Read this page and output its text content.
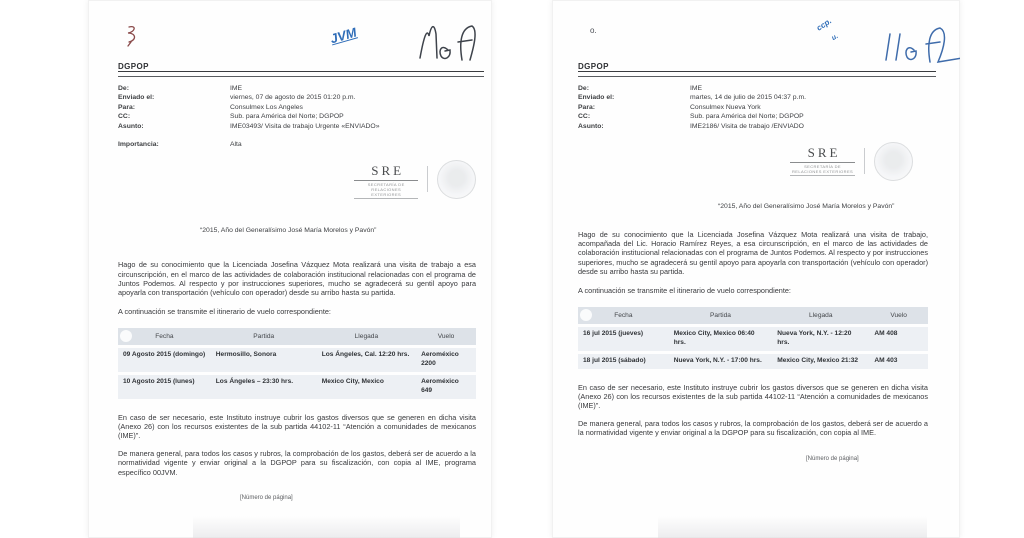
JVM
DGPOP
De:	IME
Enviado el:	viernes, 07 de agosto de 2015 01:20 p.m.
Para:	Consulmex Los Angeles
CC:	Sub. para América del Norte; DGPOP
Asunto:	IME03493/ Visita de trabajo Urgente «ENVIADO»
Importancia:	Alta
SRE
SECRETARÍA DE
RELACIONES EXTERIORES
“2015, Año del Generalísimo José María Morelos y Pavón”

Hago de su conocimiento que la Licenciada Josefina Vázquez Mota realizará una visita de trabajo a esa circunscripción, en el marco de las actividades de colaboración institucional relacionadas con el programa de Juntos Podemos. Al respecto y por instrucciones superiores, mucho se agradecerá su gentil apoyo para apoyarla con transportación (vehículo con operador) desde su arribo hasta su partida.

A continuación se transmite el itinerario de vuelo correspondiente:

Fecha	Partida	Llegada	Vuelo
09 Agosto 2015 (domingo)	Hermosillo, Sonora	Los Ángeles, Cal. 12:20 hrs.	Aeroméxico 2200
10 Agosto 2015 (lunes)	Los Ángeles – 23:30 hrs.	Mexico City, Mexico	Aeroméxico 649

En caso de ser necesario, este Instituto instruye cubrir los gastos diversos que se generen en dicha visita (Anexo 26) con los recursos existentes de la sub partida 44102-11 “Atención a comunidades de mexicanos (IME)”.

De manera general, para todos los casos y rubros, la comprobación de los gastos, deberá ser de acuerdo a la normatividad vigente y enviar original a la DGPOP para su fiscalización, con copia al IME, programa específico 00JVM.

[Número de página]
o.	ccp.
u.
DGPOP
De:	IME
Enviado el:	martes, 14 de julio de 2015 04:37 p.m.
Para:	Consulmex Nueva York
CC:	Sub. para América del Norte; DGPOP
Asunto:	IME2186/ Visita de trabajo /ENVIADO
SRE
SECRETARÍA DE
RELACIONES EXTERIORES
“2015, Año del Generalísimo José María Morelos y Pavón”

Hago de su conocimiento que la Licenciada Josefina Vázquez Mota realizará una visita de trabajo, acompañada del Lic. Horacio Ramírez Reyes, a esa circunscripción, en el marco de las actividades de colaboración institucional relacionadas con el programa de Juntos Podemos. Al respecto y por instrucciones superiores, mucho se agradecerá su gentil apoyo para apoyarla con transportación (vehículo con operador) desde su arribo hasta su partida.

A continuación se transmite el itinerario de vuelo correspondiente:

Fecha	Partida	Llegada	Vuelo
16 jul 2015 (jueves)	Mexico City, Mexico 06:40 hrs.	Nueva York, N.Y. - 12:20 hrs.	AM 408
18 jul 2015 (sábado)	Nueva York, N.Y. - 17:00 hrs.	Mexico City, Mexico 21:32	AM 403

En caso de ser necesario, este Instituto instruye cubrir los gastos diversos que se generen en dicha visita (Anexo 26) con los recursos existentes de la sub partida 44102-11 “Atención a comunidades de mexicanos (IME)”.

De manera general, para todos los casos y rubros, la comprobación de los gastos, deberá ser de acuerdo a la normatividad vigente y enviar original a la DGPOP para su fiscalización, con copia al IME.

[Número de página]
